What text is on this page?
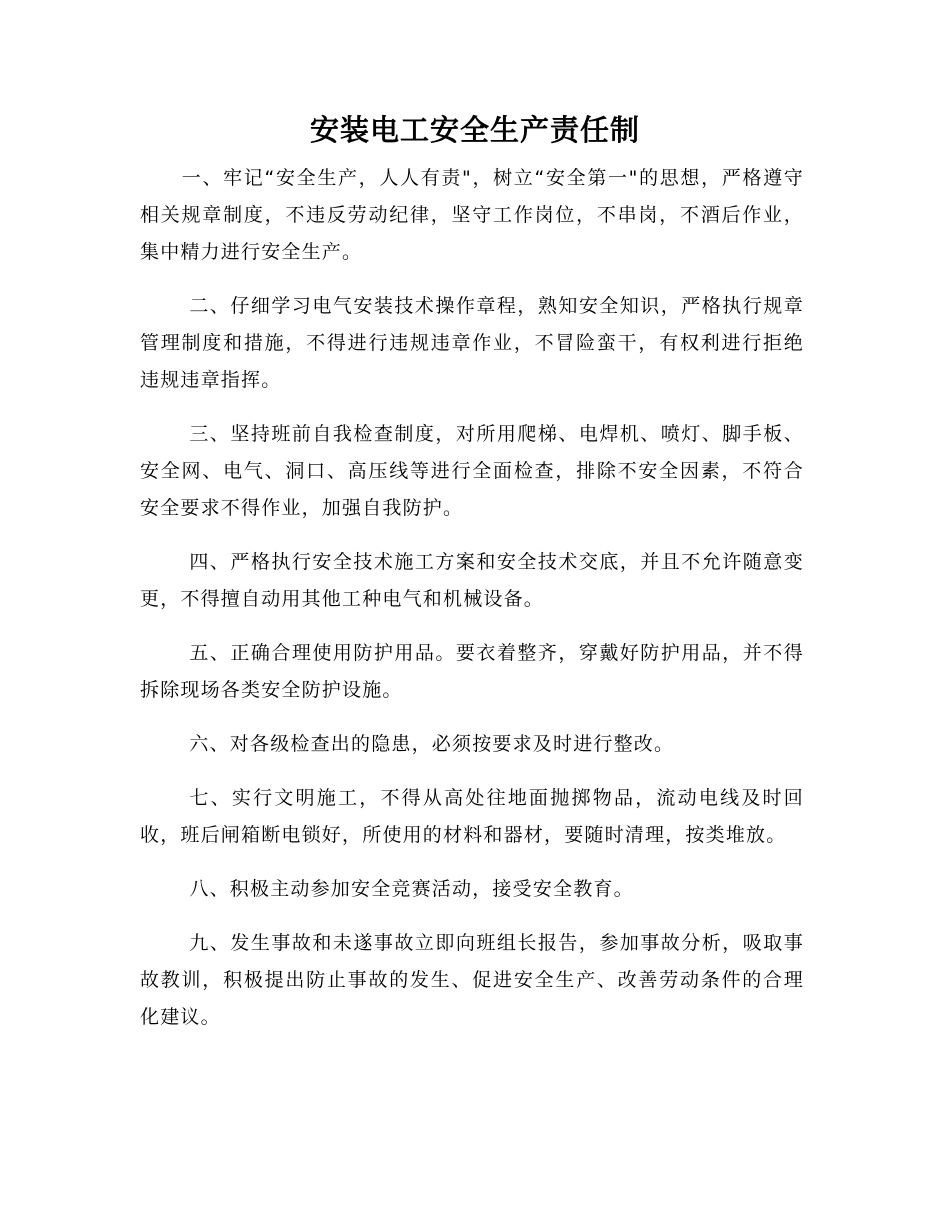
安装电工安全生产责任制

一、牢记“安全生产，人人有责"，树立“安全第一"的思想，严格遵守相关规章制度，不违反劳动纪律，坚守工作岗位，不串岗，不酒后作业，集中精力进行安全生产。

二、仔细学习电气安装技术操作章程，熟知安全知识，严格执行规章管理制度和措施，不得进行违规违章作业，不冒险蛮干，有权利进行拒绝违规违章指挥。

三、坚持班前自我检查制度，对所用爬梯、电焊机、喷灯、脚手板、安全网、电气、洞口、高压线等进行全面检查，排除不安全因素，不符合安全要求不得作业，加强自我防护。

四、严格执行安全技术施工方案和安全技术交底，并且不允许随意变更，不得擅自动用其他工种电气和机械设备。

五、正确合理使用防护用品。要衣着整齐，穿戴好防护用品，并不得拆除现场各类安全防护设施。

六、对各级检查出的隐患，必须按要求及时进行整改。

七、实行文明施工，不得从高处往地面抛掷物品，流动电线及时回收，班后闸箱断电锁好，所使用的材料和器材，要随时清理，按类堆放。

八、积极主动参加安全竞赛活动，接受安全教育。

九、发生事故和未遂事故立即向班组长报告，参加事故分析，吸取事故教训，积极提出防止事故的发生、促进安全生产、改善劳动条件的合理化建议。
